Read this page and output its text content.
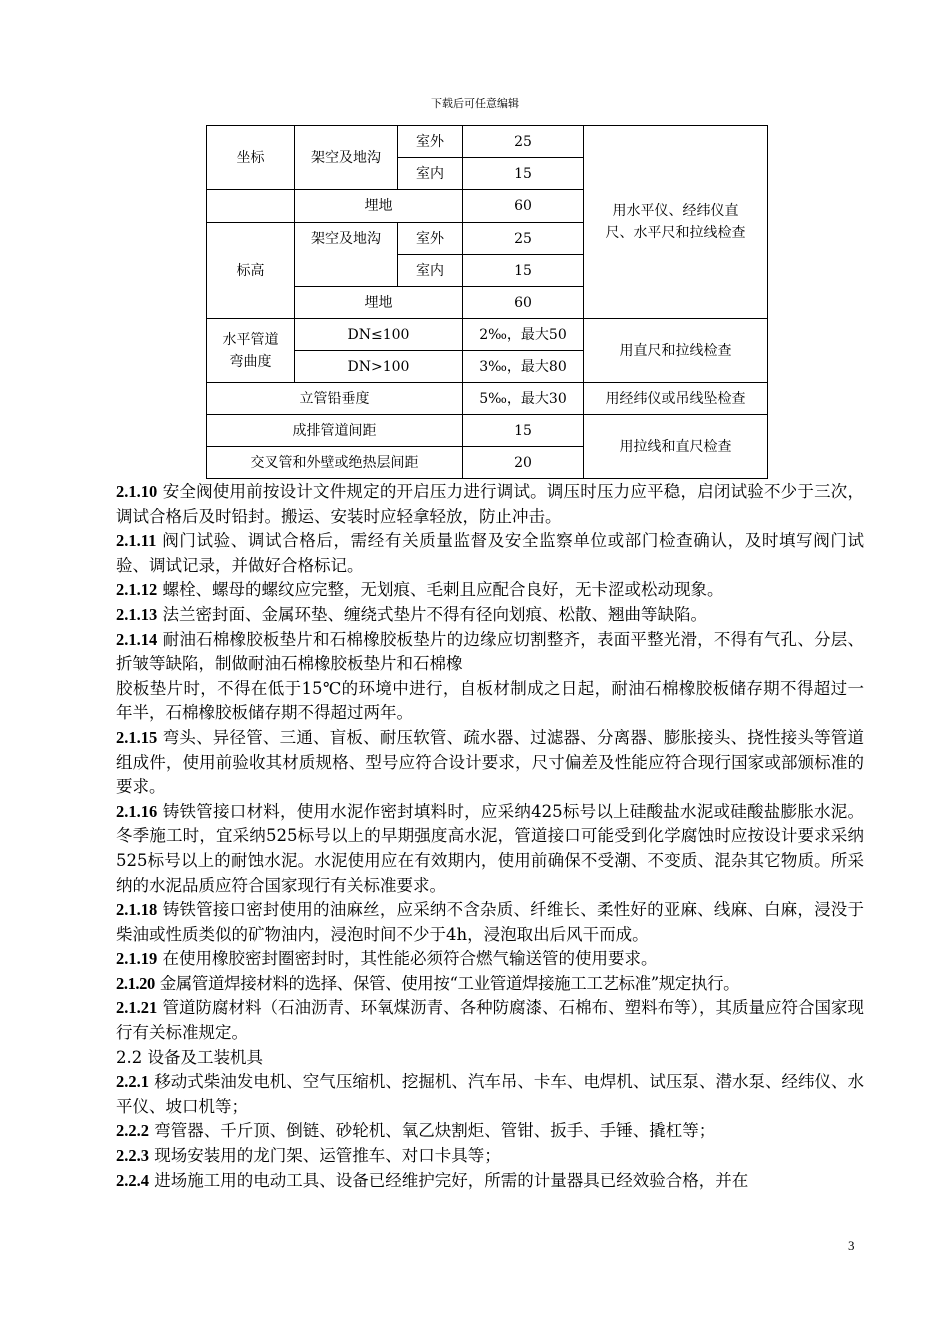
下载后可任意编辑
坐标	架空及地沟	室外	25	用水平仪、经纬仪直尺、水平尺和拉线检查
		室内	15	
	埋地		60	
标高	架空及地沟	室外	25	
		室内	15	
	埋地		60	
水平管道弯曲度	DN≤100		2‰，最大50	用直尺和拉线检查
	DN>100		3‰，最大80	
立管铅垂度			5‰，最大30	用经纬仪或吊线坠检查
成排管道间距			15	用拉线和直尺检查
交叉管和外壁或绝热层间距			20	

2.1.10 安全阀使用前按设计文件规定的开启压力进行调试。调压时压力应平稳，启闭试验不少于三次，调试合格后及时铅封。搬运、安装时应轻拿轻放，防止冲击。

2.1.11 阀门试验、调试合格后，需经有关质量监督及安全监察单位或部门检查确认，及时填写阀门试验、调试记录，并做好合格标记。

2.1.12 螺栓、螺母的螺纹应完整，无划痕、毛刺且应配合良好，无卡涩或松动现象。

2.1.13 法兰密封面、金属环垫、缠绕式垫片不得有径向划痕、松散、翘曲等缺陷。

2.1.14 耐油石棉橡胶板垫片和石棉橡胶板垫片的边缘应切割整齐，表面平整光滑，不得有气孔、分层、折皱等缺陷，制做耐油石棉橡胶板垫片和石棉橡

胶板垫片时，不得在低于15℃的环境中进行，自板材制成之日起，耐油石棉橡胶板储存期不得超过一年半，石棉橡胶板储存期不得超过两年。

2.1.15 弯头、异径管、三通、盲板、耐压软管、疏水器、过滤器、分离器、膨胀接头、挠性接头等管道组成件，使用前验收其材质规格、型号应符合设计要求，尺寸偏差及性能应符合现行国家或部颁标准的要求。

2.1.16 铸铁管接口材料，使用水泥作密封填料时，应采纳425标号以上硅酸盐水泥或硅酸盐膨胀水泥。冬季施工时，宜采纳525标号以上的早期强度高水泥，管道接口可能受到化学腐蚀时应按设计要求采纳525标号以上的耐蚀水泥。水泥使用应在有效期内，使用前确保不受潮、不变质、混杂其它物质。所采纳的水泥品质应符合国家现行有关标准要求。

2.1.18 铸铁管接口密封使用的油麻丝，应采纳不含杂质、纤维长、柔性好的亚麻、线麻、白麻，浸没于柴油或性质类似的矿物油内，浸泡时间不少于4h，浸泡取出后风干而成。

2.1.19 在使用橡胶密封圈密封时，其性能必须符合燃气输送管的使用要求。

2.1.20 金属管道焊接材料的选择、保管、使用按“工业管道焊接施工工艺标准”规定执行。

2.1.21 管道防腐材料（石油沥青、环氧煤沥青、各种防腐漆、石棉布、塑料布等），其质量应符合国家现行有关标准规定。

2.2 设备及工装机具

2.2.1 移动式柴油发电机、空气压缩机、挖掘机、汽车吊、卡车、电焊机、试压泵、潜水泵、经纬仪、水平仪、坡口机等；

2.2.2 弯管器、千斤顶、倒链、砂轮机、氧乙炔割炬、管钳、扳手、手锤、撬杠等；

2.2.3 现场安装用的龙门架、运管推车、对口卡具等；

2.2.4 进场施工用的电动工具、设备已经维护完好，所需的计量器具已经效验合格，并在

3
